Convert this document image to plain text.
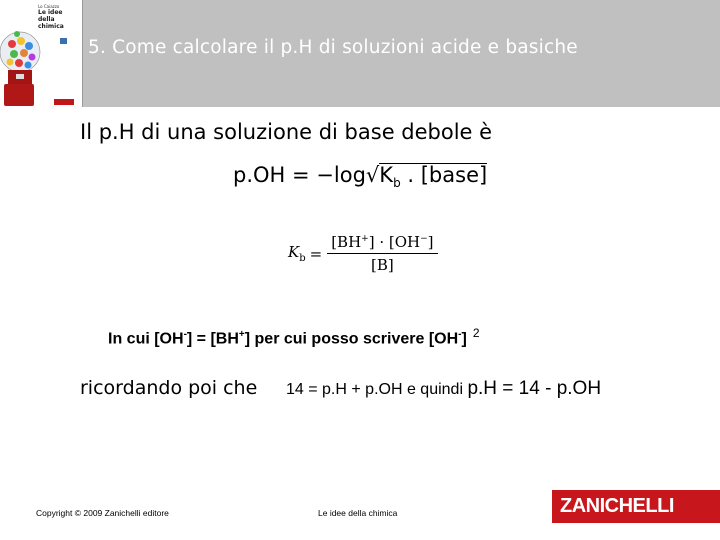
Lo Caiazzo
Le idee della
chimica
5. Come calcolare il p.H di soluzioni acide e basiche
Il p.H di una soluzione di base debole è
$p.OH = -\log√K_b$ . [base]
$K_b = \frac{[BH^+] \cdot [OH^-]}{[B]}$
In cui [OH-] = [BH+] per cui posso scrivere [OH-] $^2$
ricordando poi che 14 = p.H + p.OH e quindi p.H = 14 - p.OH
Copyright © 2009 Zanichelli editore	Le idee della chimica	ZANICHELLI
